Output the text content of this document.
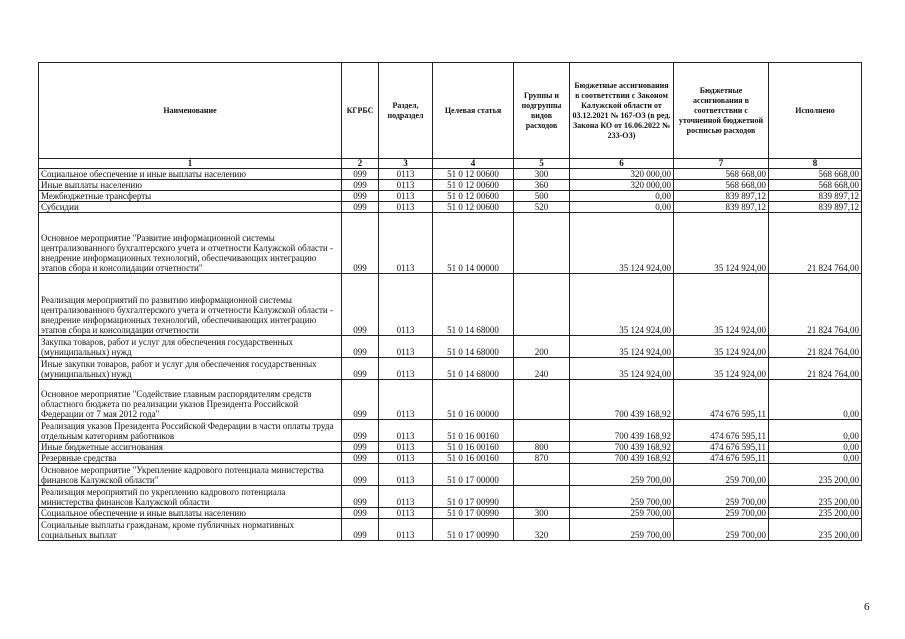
Наименование	КГРБС	Раздел, подраздел	Целевая статья	Группы и подгруппы видов расходов	Бюджетные ассигнования в соответствии с Законом Калужской области от 03.12.2021 № 167-ОЗ (в ред. Закона КО от 16.06.2022 № 233-ОЗ)	Бюджетные ассигнования в соответствии с уточненной бюджетной росписью расходов	Исполнено
1	2	3	4	5	6	7	8
Социальное обеспечение и иные выплаты населению	099	0113	51 0 12 00600	300	320 000,00	568 668,00	568 668,00
Иные выплаты населению	099	0113	51 0 12 00600	360	320 000,00	568 668,00	568 668,00
Межбюджетные трансферты	099	0113	51 0 12 00600	500	0,00	839 897,12	839 897,12
Субсидии	099	0113	51 0 12 00600	520	0,00	839 897,12	839 897,12
Основное мероприятие "Развитие информационной системы централизованного бухгалтерского учета и отчетности Калужской области - внедрение информационных технологий, обеспечивающих интеграцию этапов сбора и консолидации отчетности"	099	0113	51 0 14 00000		35 124 924,00	35 124 924,00	21 824 764,00
Реализация мероприятий по развитию информационной системы централизованного бухгалтерского учета и отчетности Калужской области - внедрение информационных технологий, обеспечивающих интеграцию этапов сбора и консолидации отчетности	099	0113	51 0 14 68000		35 124 924,00	35 124 924,00	21 824 764,00
Закупка товаров, работ и услуг для обеспечения государственных (муниципальных) нужд	099	0113	51 0 14 68000	200	35 124 924,00	35 124 924,00	21 824 764,00
Иные закупки товаров, работ и услуг для обеспечения государственных (муниципальных) нужд	099	0113	51 0 14 68000	240	35 124 924,00	35 124 924,00	21 824 764,00
Основное мероприятие "Содействие главным распорядителям средств областного бюджета по реализации указов Президента Российской Федерации от 7 мая 2012 года"	099	0113	51 0 16 00000		700 439 168,92	474 676 595,11	0,00
Реализация указов Президента Российской Федерации в части оплаты труда отдельным категориям работников	099	0113	51 0 16 00160		700 439 168,92	474 676 595,11	0,00
Иные бюджетные ассигнования	099	0113	51 0 16 00160	800	700 439 168,92	474 676 595,11	0,00
Резервные средства	099	0113	51 0 16 00160	870	700 439 168,92	474 676 595,11	0,00
Основное мероприятие "Укрепление кадрового потенциала министерства финансов Калужской области"	099	0113	51 0 17 00000		259 700,00	259 700,00	235 200,00
Реализация мероприятий по укреплению кадрового потенциала министерства финансов Калужской области	099	0113	51 0 17 00990		259 700,00	259 700,00	235 200,00
Социальное обеспечение и иные выплаты населению	099	0113	51 0 17 00990	300	259 700,00	259 700,00	235 200,00
Социальные выплаты гражданам, кроме публичных нормативных социальных выплат	099	0113	51 0 17 00990	320	259 700,00	259 700,00	235 200,00
6
